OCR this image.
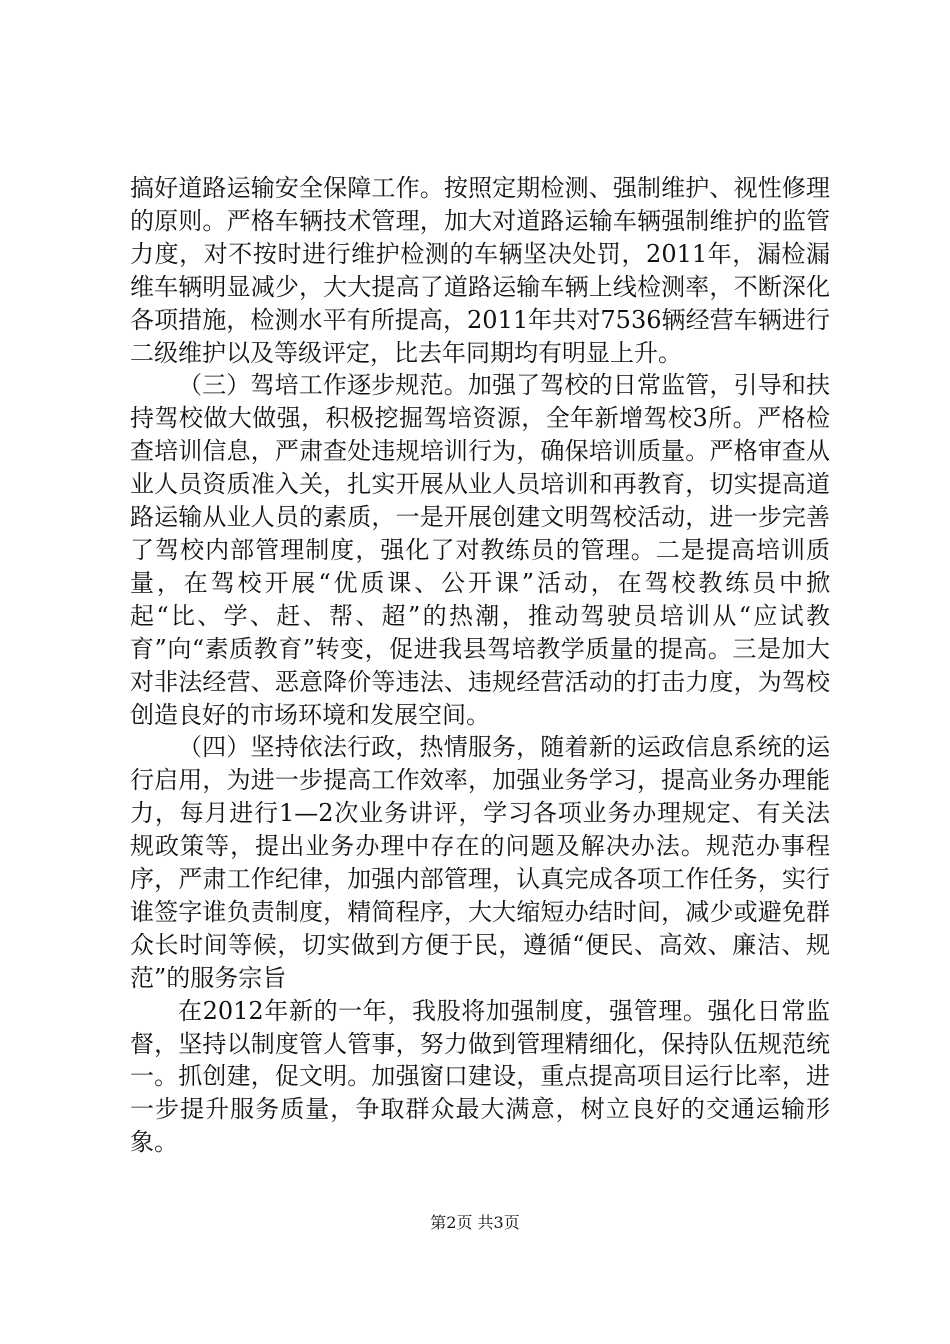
搞好道路运输安全保障工作。按照定期检测、强制维护、视性修理的原则。严格车辆技术管理，加大对道路运输车辆强制维护的监管力度，对不按时进行维护检测的车辆坚决处罚，2011年，漏检漏维车辆明显减少，大大提高了道路运输车辆上线检测率，不断深化各项措施，检测水平有所提高，2011年共对7536辆经营车辆进行二级维护以及等级评定，比去年同期均有明显上升。

（三）驾培工作逐步规范。加强了驾校的日常监管，引导和扶持驾校做大做强，积极挖掘驾培资源，全年新增驾校3所。严格检查培训信息，严肃查处违规培训行为，确保培训质量。严格审查从业人员资质准入关，扎实开展从业人员培训和再教育，切实提高道路运输从业人员的素质，一是开展创建文明驾校活动，进一步完善了驾校内部管理制度，强化了对教练员的管理。二是提高培训质量，在驾校开展“优质课、公开课”活动，在驾校教练员中掀起“比、学、赶、帮、超”的热潮，推动驾驶员培训从“应试教育”向“素质教育”转变，促进我县驾培教学质量的提高。三是加大对非法经营、恶意降价等违法、违规经营活动的打击力度，为驾校创造良好的市场环境和发展空间。

（四）坚持依法行政，热情服务，随着新的运政信息系统的运行启用，为进一步提高工作效率，加强业务学习，提高业务办理能力，每月进行1—2次业务讲评，学习各项业务办理规定、有关法规政策等，提出业务办理中存在的问题及解决办法。规范办事程序，严肃工作纪律，加强内部管理，认真完成各项工作任务，实行谁签字谁负责制度，精简程序，大大缩短办结时间，减少或避免群众长时间等候，切实做到方便于民，遵循“便民、高效、廉洁、规范”的服务宗旨

在2012年新的一年，我股将加强制度，强管理。强化日常监督，坚持以制度管人管事，努力做到管理精细化，保持队伍规范统一。抓创建，促文明。加强窗口建设，重点提高项目运行比率，进一步提升服务质量，争取群众最大满意，树立良好的交通运输形象。

第2页 共3页
